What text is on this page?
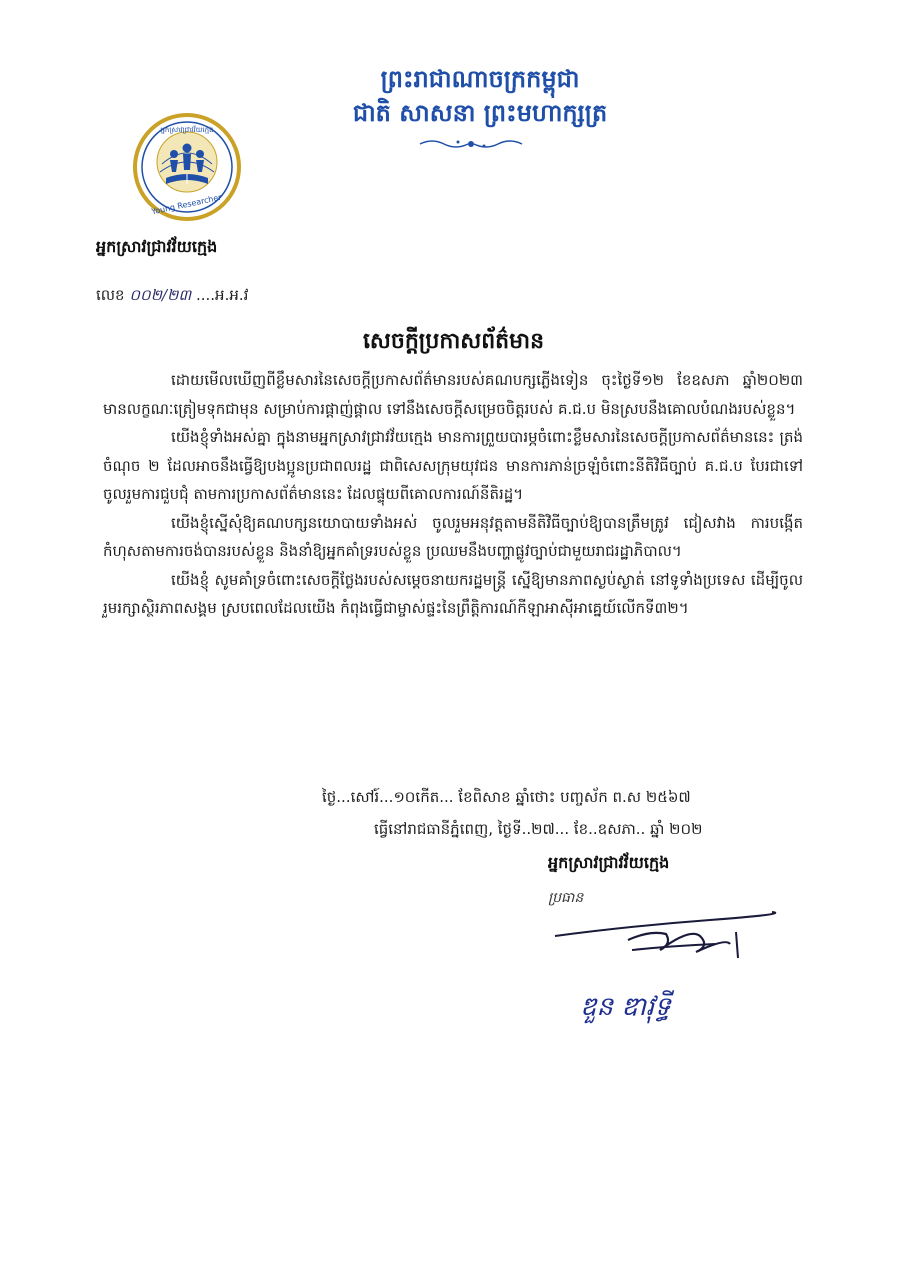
ព្រះរាជាណាចក្រកម្ពុជា
ជាតិ សាសនា ព្រះមហាក្សត្រ
Young Researcher
អ្នកស្រាវជ្រាវវ័យក្មេង
អ្នកស្រាវជ្រាវវ័យក្មេង
លេខ ០០២/២៣ ....អ.អ.វ
សេចក្តីប្រកាសព័ត៌មាន

ដោយមើលឃើញពីខ្លឹមសារនៃសេចក្តីប្រកាសព័ត៌មានរបស់គណបក្សភ្លើងទៀន ចុះថ្ងៃទី១២ ខែឧសភា ឆ្នាំ២០២៣ មានលក្ខណៈត្រៀមទុកជាមុន សម្រាប់ការផ្តាញ់ផ្តាល ទៅនឹងសេចក្តីសម្រេចចិត្តរបស់ គ.ជ.ប មិនស្របនឹងគោលបំណងរបស់ខ្លួន។

យើងខ្ញុំទាំងអស់គ្នា ក្នុងនាមអ្នកស្រាវជ្រាវវ័យក្មេង មានការព្រួយបារម្ភចំពោះខ្លឹមសារនៃសេចក្តីប្រកាសព័ត៌មាននេះ ត្រង់ចំណុច ២ ដែលអាចនឹងធ្វើឱ្យបងប្អូនប្រជាពលរដ្ឋ ជាពិសេសក្រុមយុវជន មានការភាន់ច្រឡំចំពោះនីតិវិធីច្បាប់ គ.ជ.ប បែរជាទៅចូលរួមការជួបជុំ តាមការប្រកាសព័ត៌មាននេះ ដែលផ្ទុយពីគោលការណ៍នីតិរដ្ឋ។

យើងខ្ញុំស្នើសុំឱ្យគណបក្សនយោបាយទាំងអស់ ចូលរួមអនុវត្តតាមនីតិវិធីច្បាប់ឱ្យបានត្រឹមត្រូវ ជៀសវាង ការបង្កើតកំហុសតាមការចង់បានរបស់ខ្លួន និងនាំឱ្យអ្នកគាំទ្ររបស់ខ្លួន ប្រឈមនឹងបញ្ហាផ្លូវច្បាប់ជាមួយរាជរដ្ឋាភិបាល។

យើងខ្ញុំ សូមគាំទ្រចំពោះសេចក្តីថ្លែងរបស់សម្តេចនាយករដ្ឋមន្ត្រី ស្នើឱ្យមានភាពស្ងប់ស្ងាត់ នៅទូទាំងប្រទេស ដើម្បីចូលរួមរក្សាស្ថិរភាពសង្គម ស្របពេលដែលយើង កំពុងធ្វើជាម្ចាស់ផ្ទះនៃព្រឹត្តិការណ៍កីឡាអាស៊ីអាគ្នេយ៍លើកទី៣២។

ថ្ងៃ...សៅរ៍...១០កើត... ខែពិសាខ ឆ្នាំថោះ បញ្ចស័ក ព.ស ២៥៦៧
ធ្វើនៅរាជធានីភ្នំពេញ, ថ្ងៃទី..២៧... ខែ..ឧសភា.. ឆ្នាំ ២០២
អ្នកស្រាវជ្រាវវ័យក្មេង
ប្រធាន
ឌួន ឌាវុទ្ធី
